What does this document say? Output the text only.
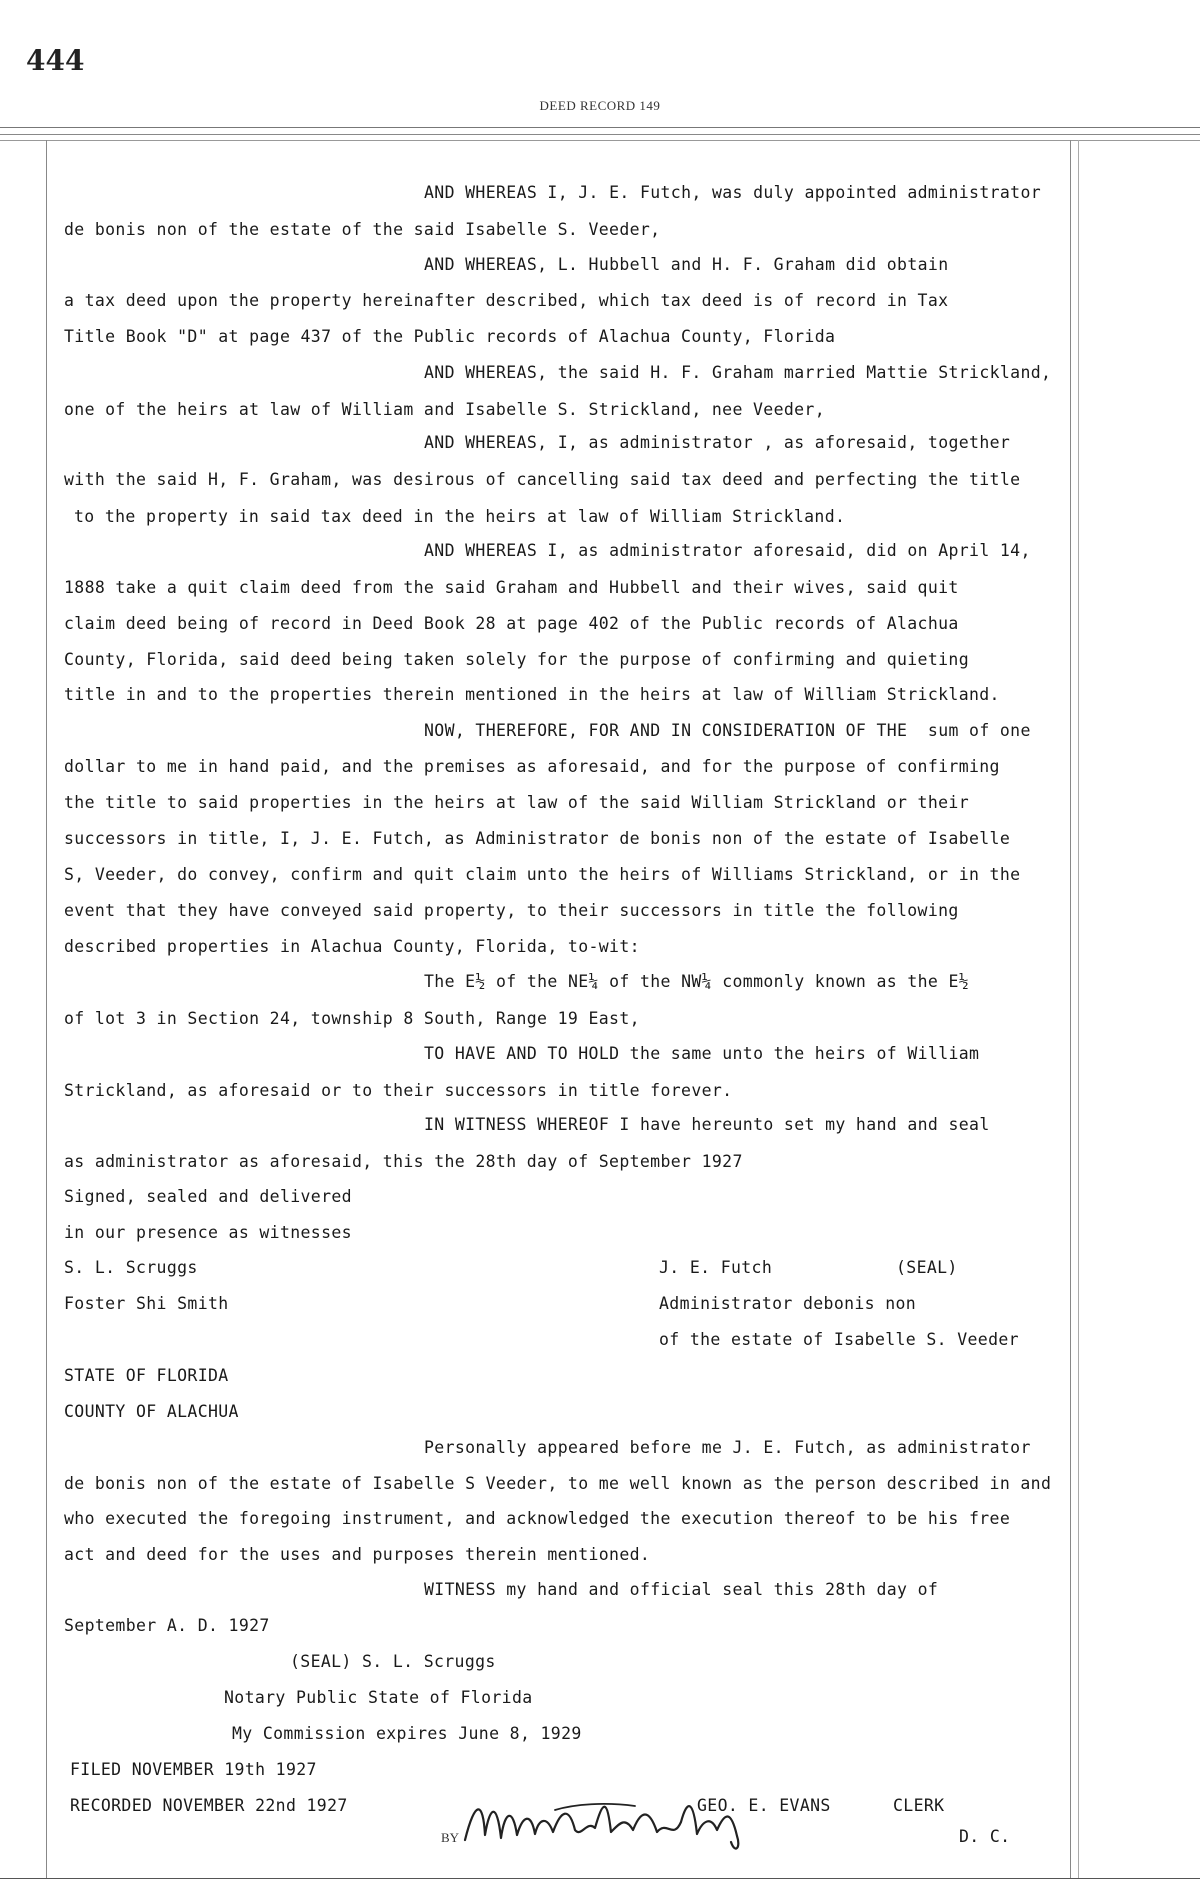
444
DEED RECORD 149
AND WHEREAS I, J. E. Futch, was duly appointed administrator
de bonis non of the estate of the said Isabelle S. Veeder,
AND WHEREAS, L. Hubbell and H. F. Graham did obtain
a tax deed upon the property hereinafter described, which tax deed is of record in Tax
Title Book "D" at page 437 of the Public records of Alachua County, Florida
AND WHEREAS, the said H. F. Graham married Mattie Strickland,
one of the heirs at law of William and Isabelle S. Strickland, nee Veeder,
AND WHEREAS, I, as administrator , as aforesaid, together
with the said H, F. Graham, was desirous of cancelling said tax deed and perfecting the title
to the property in said tax deed in the heirs at law of William Strickland.
AND WHEREAS I, as administrator aforesaid, did on April 14,
1888 take a quit claim deed from the said Graham and Hubbell and their wives, said quit
claim deed being of record in Deed Book 28 at page 402 of the Public records of Alachua
County, Florida, said deed being taken solely for the purpose of confirming and quieting
title in and to the properties therein mentioned in the heirs at law of William Strickland.
NOW, THEREFORE, FOR AND IN CONSIDERATION OF THE  sum of one
dollar to me in hand paid, and the premises as aforesaid, and for the purpose of confirming
the title to said properties in the heirs at law of the said William Strickland or their
successors in title, I, J. E. Futch, as Administrator de bonis non of the estate of Isabelle
S, Veeder, do convey, confirm and quit claim unto the heirs of Williams Strickland, or in the
event that they have conveyed said property, to their successors in title the following
described properties in Alachua County, Florida, to-wit:
The E½ of the NE¼ of the NW¼ commonly known as the E½
of lot 3 in Section 24, township 8 South, Range 19 East,
TO HAVE AND TO HOLD the same unto the heirs of William
Strickland, as aforesaid or to their successors in title forever.
IN WITNESS WHEREOF I have hereunto set my hand and seal
as administrator as aforesaid, this the 28th day of September 1927
Signed, sealed and delivered
in our presence as witnesses
S. L. Scruggs	J. E. Futch	(SEAL)
Foster Shi Smith	Administrator debonis non
of the estate of Isabelle S. Veeder
STATE OF FLORIDA
COUNTY OF ALACHUA
Personally appeared before me J. E. Futch, as administrator
de bonis non of the estate of Isabelle S Veeder, to me well known as the person described in and
who executed the foregoing instrument, and acknowledged the execution thereof to be his free
act and deed for the uses and purposes therein mentioned.
WITNESS my hand and official seal this 28th day of
September A. D. 1927
(SEAL) S. L. Scruggs
Notary Public State of Florida
My Commission expires June 8, 1929
FILED NOVEMBER 19th 1927
RECORDED NOVEMBER 22nd 1927	GEO. E. EVANS	CLERK
D. C.
BY
